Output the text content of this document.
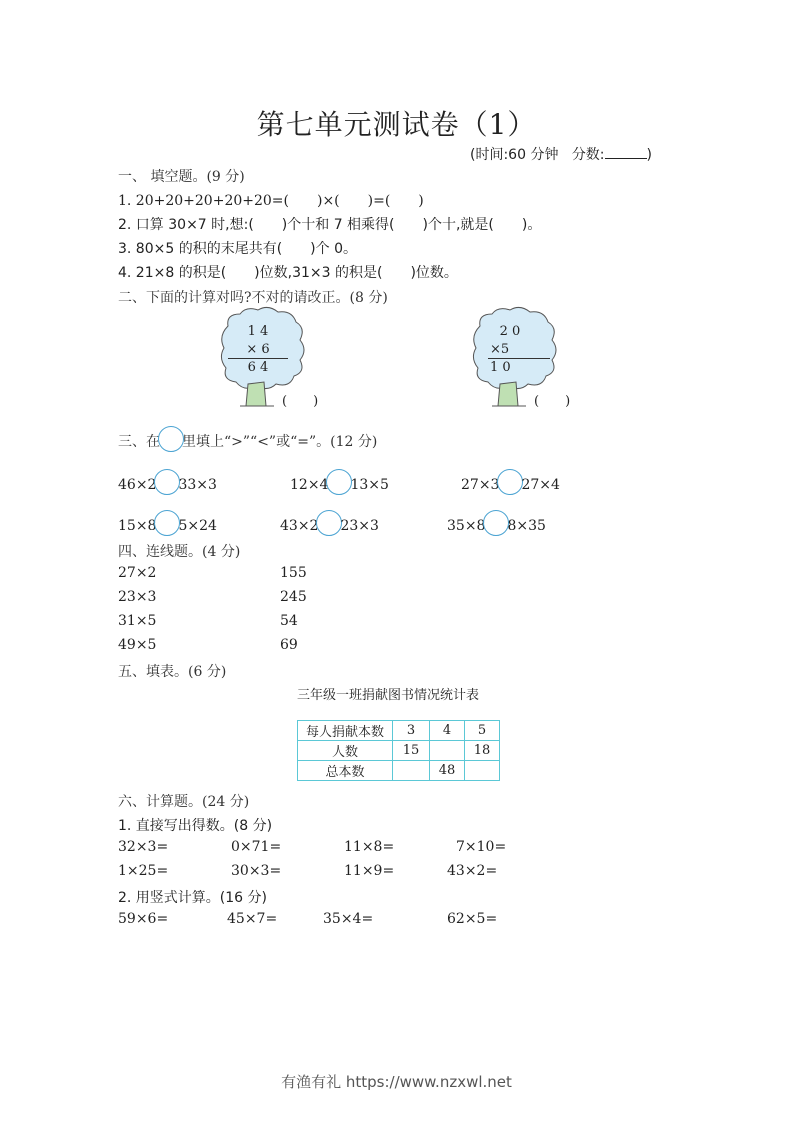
第七单元测试卷（1）
(时间:60 分钟 分数:	)
一、 填空题。(9 分)
1. 20+20+20+20+20=(　　)×(　　)=(　　)
2. 口算 30×7 时,想:(　　)个十和 7 相乘得(　　)个十,就是(　　)。
3. 80×5 的积的末尾共有(　　)个 0。
4. 21×8 的积是(　　)位数,31×3 的积是(　　)位数。
二、下面的计算对吗?不对的请改正。(8 分)
1 4
× 6
6 4
(　　)
2 0
×5
1 0
(　　)
三、在 里填上“>”“<”或“=”。(12 分)
46×2 33×3	12×4 13×5	27×3 27×4
15×8 5×24	43×2 23×3	35×8 8×35
四、连线题。(4 分)
27×2
23×3
31×5
49×5
155
245
54
69
五、填表。(6 分)
三年级一班捐献图书情况统计表
每人捐献本数	3	4	5
人数	15		18
总本数		48	
六、计算题。(24 分)
1. 直接写出得数。(8 分)
32×3=	0×71=	11×8=	7×10=
1×25=	30×3=	11×9=	43×2=
2. 用竖式计算。(16 分)
59×6=	45×7=	35×4=	62×5=
有渔有礼 https://www.nzxwl.net
